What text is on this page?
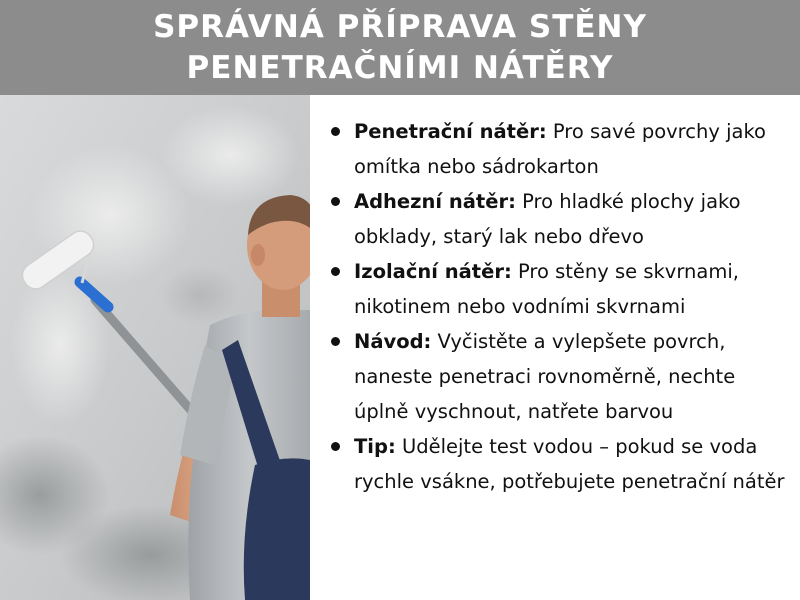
SPRÁVNÁ PŘÍPRAVA STĚNY
PENETRAČNÍMI NÁTĚRY
Penetrační nátěr: Pro savé povrchy jako omítka nebo sádrokarton
Adhezní nátěr: Pro hladké plochy jako obklady, starý lak nebo dřevo
Izolační nátěr: Pro stěny se skvrnami, nikotinem nebo vodními skvrnami
Návod: Vyčistěte a vylepšete povrch, naneste penetraci rovnoměrně, nechte úplně vyschnout, natřete barvou
Tip: Udělejte test vodou – pokud se voda rychle vsákne, potřebujete penetrační nátěr
